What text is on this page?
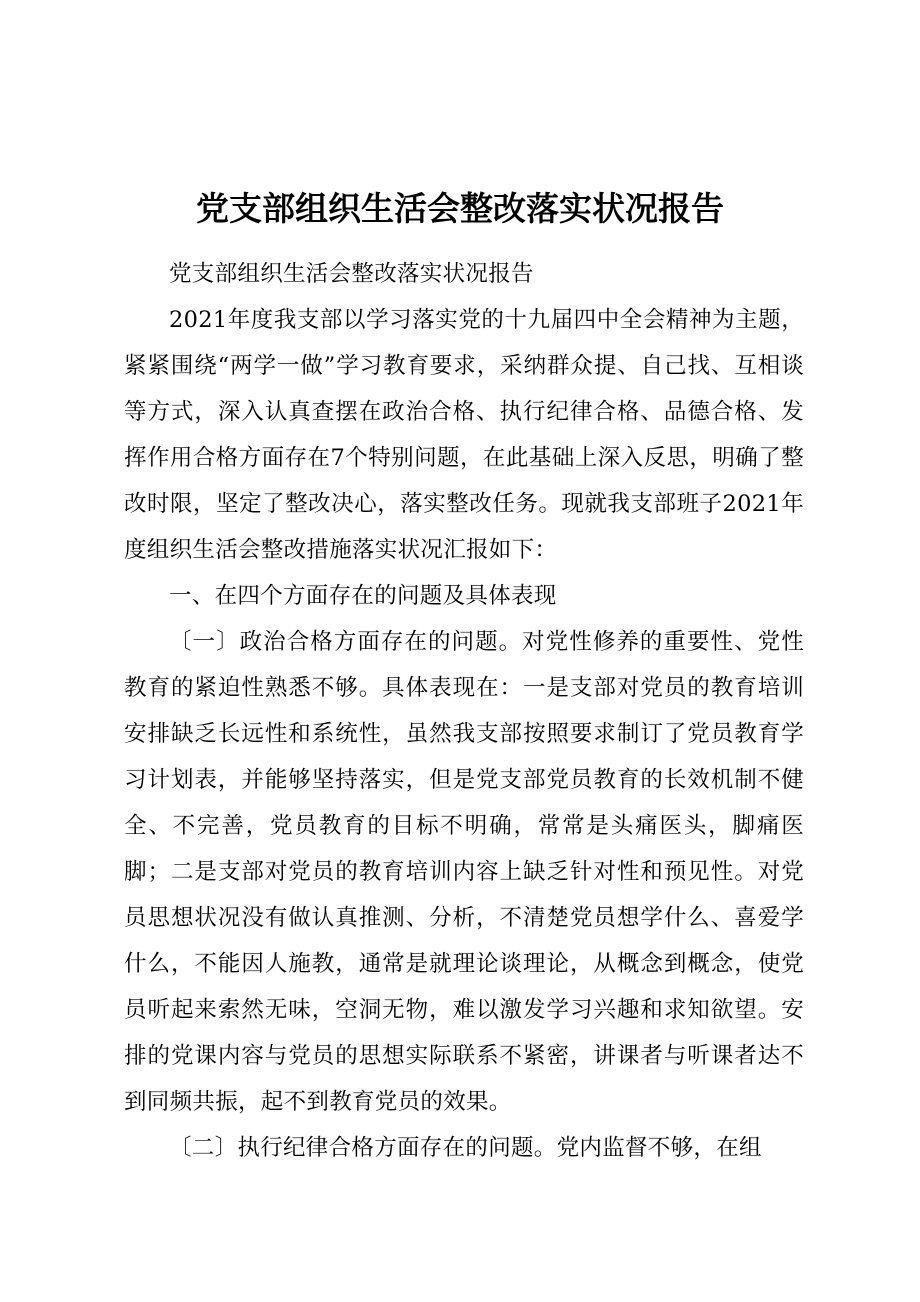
党支部组织生活会整改落实状况报告

党支部组织生活会整改落实状况报告

2021年度我支部以学习落实党的十九届四中全会精神为主题，紧紧围绕“两学一做”学习教育要求，采纳群众提、自己找、互相谈等方式，深入认真查摆在政治合格、执行纪律合格、品德合格、发挥作用合格方面存在7个特别问题，在此基础上深入反思，明确了整改时限，坚定了整改决心，落实整改任务。现就我支部班子2021年度组织生活会整改措施落实状况汇报如下：

一、在四个方面存在的问题及具体表现

〔一〕政治合格方面存在的问题。对党性修养的重要性、党性教育的紧迫性熟悉不够。具体表现在：一是支部对党员的教育培训安排缺乏长远性和系统性，虽然我支部按照要求制订了党员教育学习计划表，并能够坚持落实，但是党支部党员教育的长效机制不健全、不完善，党员教育的目标不明确，常常是头痛医头，脚痛医脚；二是支部对党员的教育培训内容上缺乏针对性和预见性。对党员思想状况没有做认真推测、分析，不清楚党员想学什么、喜爱学什么，不能因人施教，通常是就理论谈理论，从概念到概念，使党员听起来索然无味，空洞无物，难以激发学习兴趣和求知欲望。安排的党课内容与党员的思想实际联系不紧密，讲课者与听课者达不到同频共振，起不到教育党员的效果。

〔二〕执行纪律合格方面存在的问题。党内监督不够，在组
